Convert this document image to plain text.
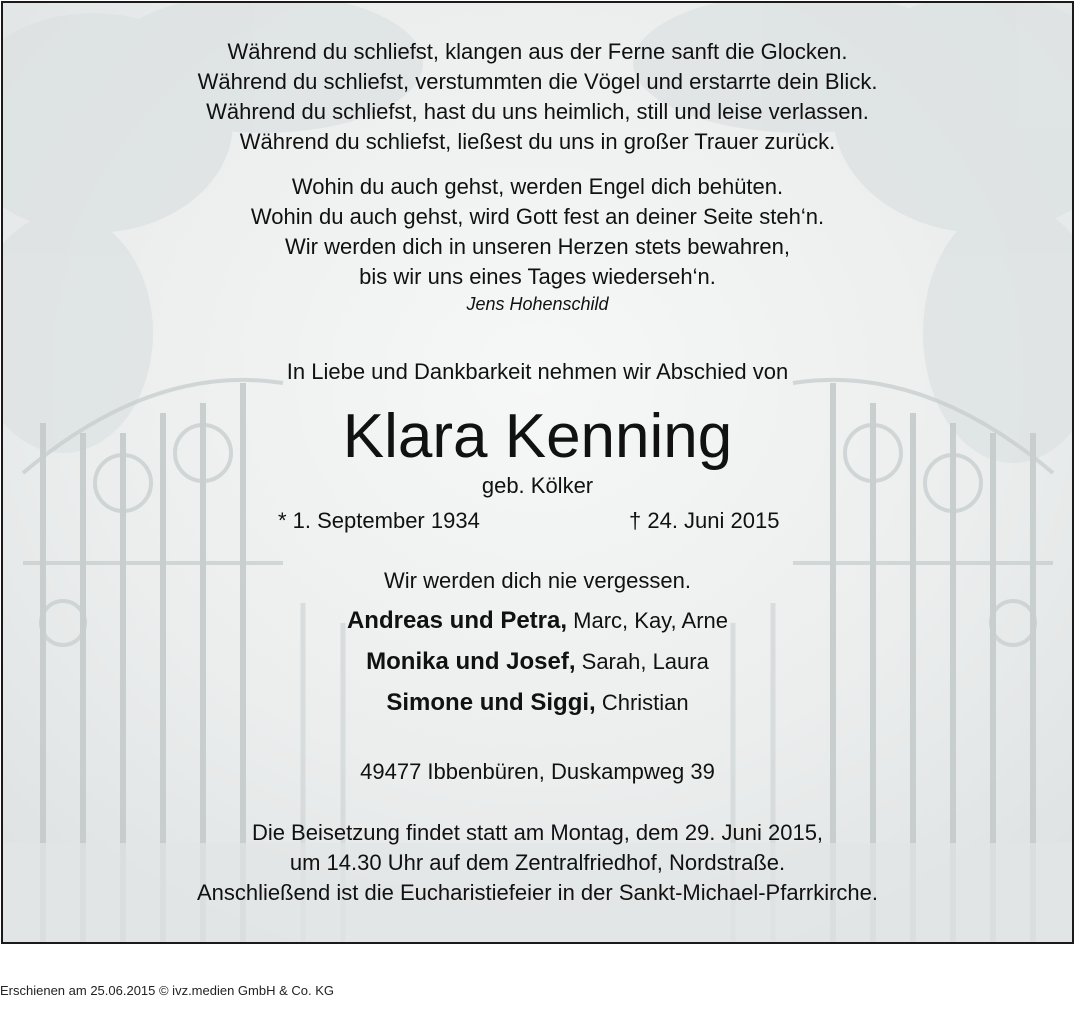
Während du schliefst, klangen aus der Ferne sanft die Glocken.
Während du schliefst, verstummten die Vögel und erstarrte dein Blick.
Während du schliefst, hast du uns heimlich, still und leise verlassen.
Während du schliefst, ließest du uns in großer Trauer zurück.
Wohin du auch gehst, werden Engel dich behüten.
Wohin du auch gehst, wird Gott fest an deiner Seite steh‘n.
Wir werden dich in unseren Herzen stets bewahren,
bis wir uns eines Tages wiederseh‘n.
Jens Hohenschild
In Liebe und Dankbarkeit nehmen wir Abschied von
Klara Kenning
geb. Kölker
* 1. September 1934	† 24. Juni 2015
Wir werden dich nie vergessen.
Andreas und Petra, Marc, Kay, Arne
Monika und Josef, Sarah, Laura
Simone und Siggi, Christian
49477 Ibbenbüren, Duskampweg 39
Die Beisetzung findet statt am Montag, dem 29. Juni 2015,
um 14.30 Uhr auf dem Zentralfriedhof, Nordstraße.
Anschließend ist die Eucharistiefeier in der Sankt-Michael-Pfarrkirche.
Erschienen am 25.06.2015 © ivz.medien GmbH & Co. KG
